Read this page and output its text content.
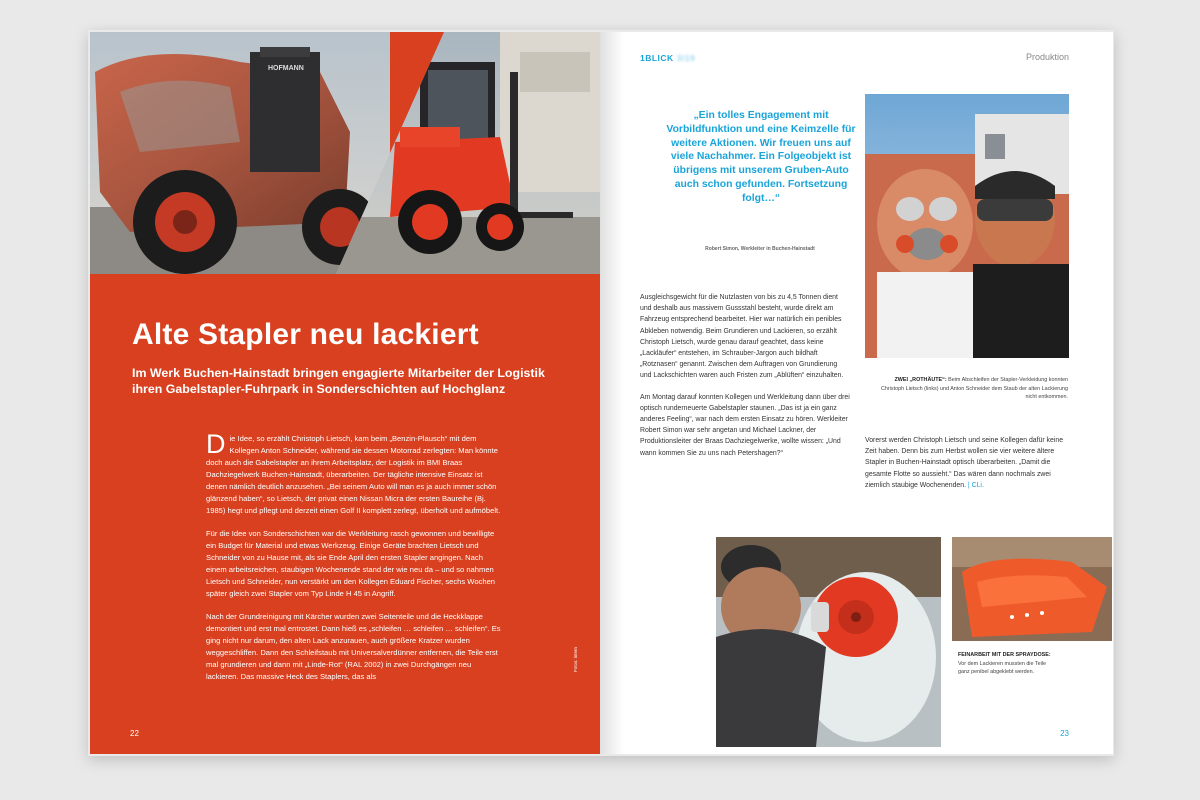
HOFMANN
Alte Stapler neu lackiert
Im Werk Buchen-Hainstadt bringen engagierte Mitarbeiter der Logistik ihren Gabelstapler-Fuhrpark in Sonderschichten auf Hochglanz

Die Idee, so erzählt Christoph Lietsch, kam beim „Benzin-Plausch“ mit dem Kollegen Anton Schneider, während sie dessen Motorrad zerlegten: Man könnte doch auch die Gabelstapler an ihrem Arbeitsplatz, der Logistik im BMI Braas Dachziegelwerk Buchen-Hainstadt, überarbeiten. Der tägliche intensive Einsatz ist denen nämlich deutlich anzusehen. „Bei seinem Auto will man es ja auch immer schön glänzend haben“, so Lietsch, der privat einen Nissan Micra der ersten Baureihe (Bj. 1985) hegt und pflegt und derzeit einen Golf II komplett zerlegt, überholt und aufmöbelt.

Für die Idee von Sonderschichten war die Werkleitung rasch gewonnen und bewilligte ein Budget für Material und etwas Werkzeug. Einige Geräte brachten Lietsch und Schneider von zu Hause mit, als sie Ende April den ersten Stapler angingen. Nach einem arbeitsreichen, staubigen Wochenende stand der wie neu da – und so nahmen Lietsch und Schneider, nun verstärkt um den Kollegen Eduard Fischer, sechs Wochen später gleich zwei Stapler vom Typ Linde H 45 in Angriff.

Nach der Grundreinigung mit Kärcher wurden zwei Seitenteile und die Heckklappe demontiert und erst mal entrostet. Dann hieß es „schleifen … schleifen … schleifen“. Es ging nicht nur darum, den alten Lack anzurauen, auch größere Kratzer wurden weggeschliffen. Dann den Schleifstaub mit Universalverdünner entfernen, die Teile erst mal grundieren und dann mit „Linde-Rot“ (RAL 2002) in zwei Durchgängen neu lackieren. Das massive Heck des Staplers, das als

Fotos: intern
22
1BLICK 3/19	Produktion
„Ein tolles Engagement mit Vorbildfunktion und eine Keimzelle für weitere Aktionen. Wir freuen uns auf viele Nachahmer. Ein Folgeobjekt ist übrigens mit unserem Gruben-Auto auch schon gefunden. Fortsetzung folgt…“
Robert Simon, Werkleiter in Buchen-Hainstadt
ZWEI „ROTHÄUTE“: Beim Abschleifen der Stapler-Verkleidung konnten Christoph Lietsch (links) und Anton Schneider dem Staub der alten Lackierung nicht entkommen.

Ausgleichsgewicht für die Nutzlasten von bis zu 4,5 Tonnen dient und deshalb aus massivem Gussstahl besteht, wurde direkt am Fahrzeug entsprechend bearbeitet. Hier war natürlich ein penibles Abkleben notwendig. Beim Grundieren und Lackieren, so erzählt Christoph Lietsch, wurde genau darauf geachtet, dass keine „Lackläufer“ entstehen, im Schrauber-Jargon auch bildhaft „Rotznasen“ genannt. Zwischen dem Auftragen von Grundierung und Lackschichten waren auch Fristen zum „Ablüften“ einzuhalten.

Am Montag darauf konnten Kollegen und Werkleitung dann über drei optisch runderneuerte Gabelstapler staunen. „Das ist ja ein ganz anderes Feeling“, war nach dem ersten Einsatz zu hören. Werkleiter Robert Simon war sehr angetan und Michael Lackner, der Produktionsleiter der Braas Dachziegelwerke, wollte wissen: „Und wann kommen Sie zu uns nach Petershagen?“

Vorerst werden Christoph Lietsch und seine Kollegen dafür keine Zeit haben. Denn bis zum Herbst wollen sie vier weitere ältere Stapler in Buchen-Hainstadt optisch überarbeiten. „Damit die gesamte Flotte so aussieht.“ Das wären dann nochmals zwei ziemlich staubige Wochenenden. | CLi.
FEINARBEIT MIT DER SPRAYDOSE: Vor dem Lackieren mussten die Teile ganz penibel abgeklebt werden.
23
